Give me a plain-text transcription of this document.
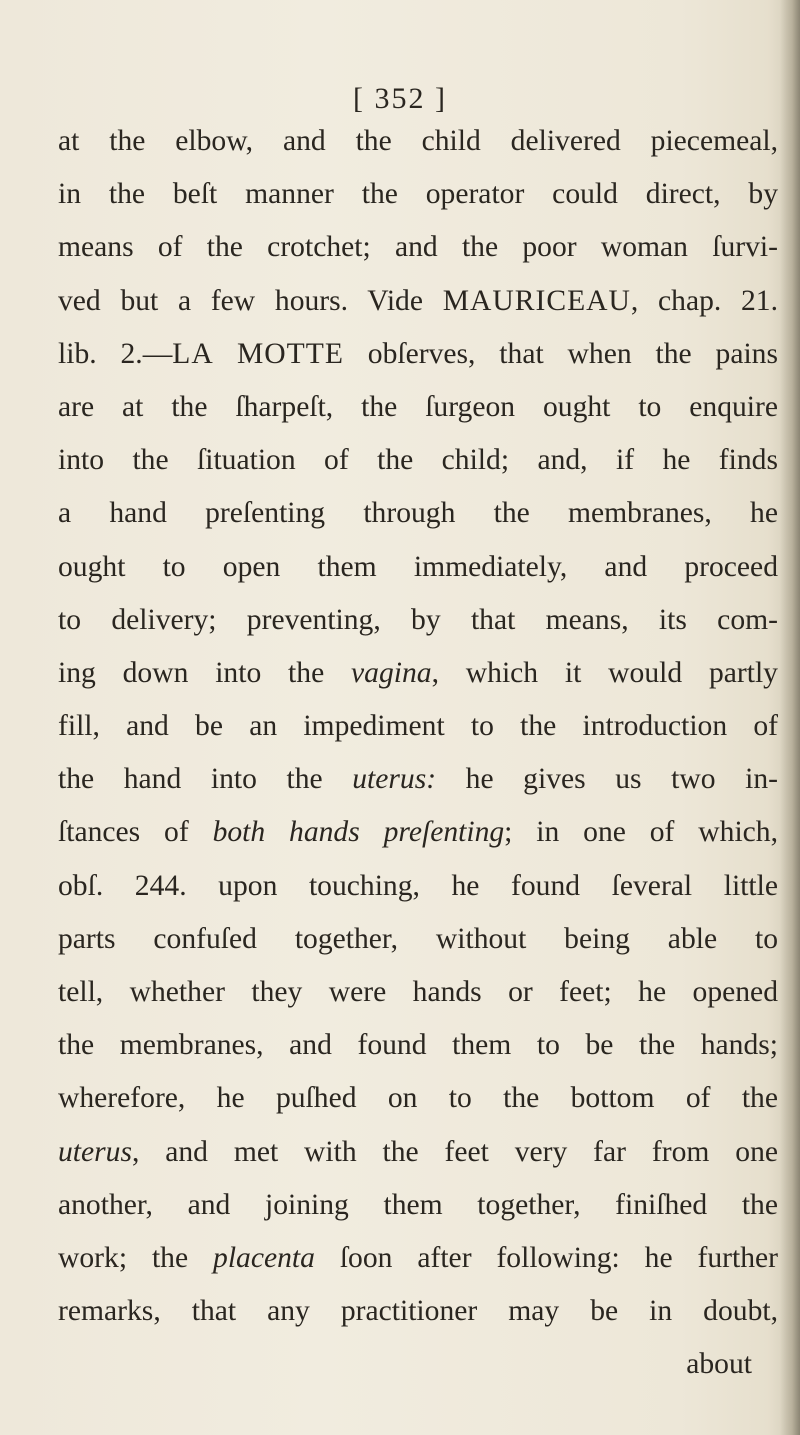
[ 352 ]
at the elbow, and the child delivered piecemeal,
in the beſt manner the operator could direct, by
means of the crotchet; and the poor woman ſurvi-
ved but a few hours. Vide MAURICEAU, chap. 21.
lib. 2.—LA MOTTE obſerves, that when the pains
are at the ſharpeſt, the ſurgeon ought to enquire
into the ſituation of the child; and, if he finds
a hand preſenting through the membranes, he
ought to open them immediately, and proceed
to delivery; preventing, by that means, its com-
ing down into the vagina, which it would partly
fill, and be an impediment to the introduction of
the hand into the uterus: he gives us two in-
ſtances of both hands preſenting; in one of which,
obſ. 244. upon touching, he found ſeveral little
parts confuſed together, without being able to
tell, whether they were hands or feet; he opened
the membranes, and found them to be the hands;
wherefore, he puſhed on to the bottom of the
uterus, and met with the feet very far from one
another, and joining them together, finiſhed the
work; the placenta ſoon after following: he further
remarks, that any practitioner may be in doubt,
about
